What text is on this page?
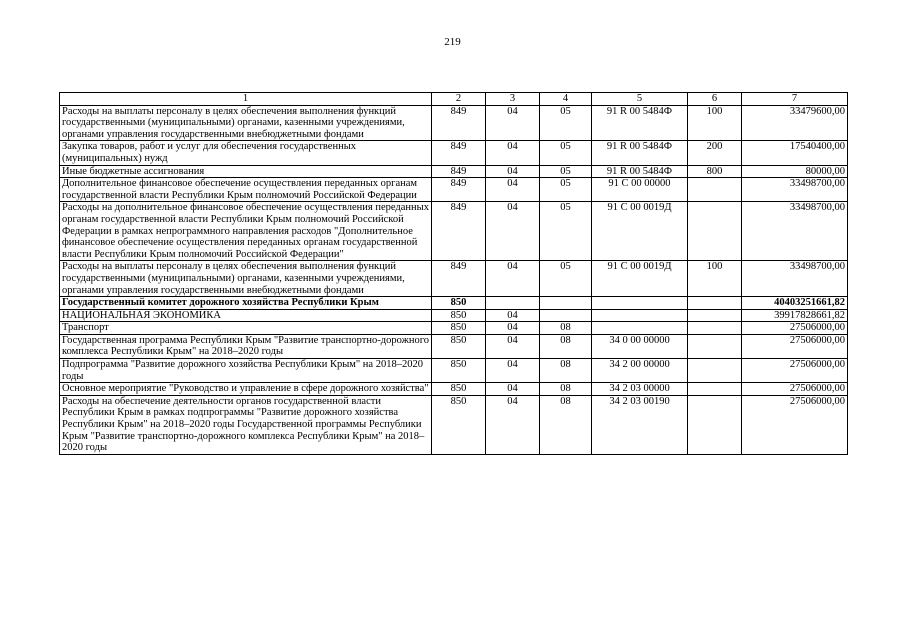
219
1	2	3	4	5	6	7
Расходы на выплаты персоналу в целях обеспечения выполнения функций государственными (муниципальными) органами, казенными учреждениями, органами управления государственными внебюджетными фондами	849	04	05	91 R 00 5484Ф	100	33479600,00
Закупка товаров, работ и услуг для обеспечения государственных (муниципальных) нужд	849	04	05	91 R 00 5484Ф	200	17540400,00
Иные бюджетные ассигнования	849	04	05	91 R 00 5484Ф	800	80000,00
Дополнительное финансовое обеспечение осуществления переданных органам государственной власти Республики Крым полномочий Российской Федерации	849	04	05	91 С 00 00000		33498700,00
Расходы на дополнительное финансовое обеспечение осуществления переданных органам государственной власти Республики Крым полномочий Российской Федерации в рамках непрограммного направления расходов "Дополнительное финансовое обеспечение осуществления переданных органам государственной власти Республики Крым полномочий Российской Федерации"	849	04	05	91 С 00 0019Д		33498700,00
Расходы на выплаты персоналу в целях обеспечения выполнения функций государственными (муниципальными) органами, казенными учреждениями, органами управления государственными внебюджетными фондами	849	04	05	91 С 00 0019Д	100	33498700,00
Государственный комитет дорожного хозяйства Республики Крым	850					40403251661,82
НАЦИОНАЛЬНАЯ ЭКОНОМИКА	850	04				39917828661,82
Транспорт	850	04	08			27506000,00
Государственная программа Республики Крым "Развитие транспортно-дорожного комплекса Республики Крым" на 2018–2020 годы	850	04	08	34 0 00 00000		27506000,00
Подпрограмма "Развитие дорожного хозяйства Республики Крым" на 2018–2020 годы	850	04	08	34 2 00 00000		27506000,00
Основное мероприятие "Руководство и управление в сфере дорожного хозяйства"	850	04	08	34 2 03 00000		27506000,00
Расходы на обеспечение деятельности органов государственной власти Республики Крым в рамках подпрограммы "Развитие дорожного хозяйства Республики Крым" на 2018–2020 годы Государственной программы Республики Крым "Развитие транспортно-дорожного комплекса Республики Крым" на 2018–2020 годы	850	04	08	34 2 03 00190		27506000,00
